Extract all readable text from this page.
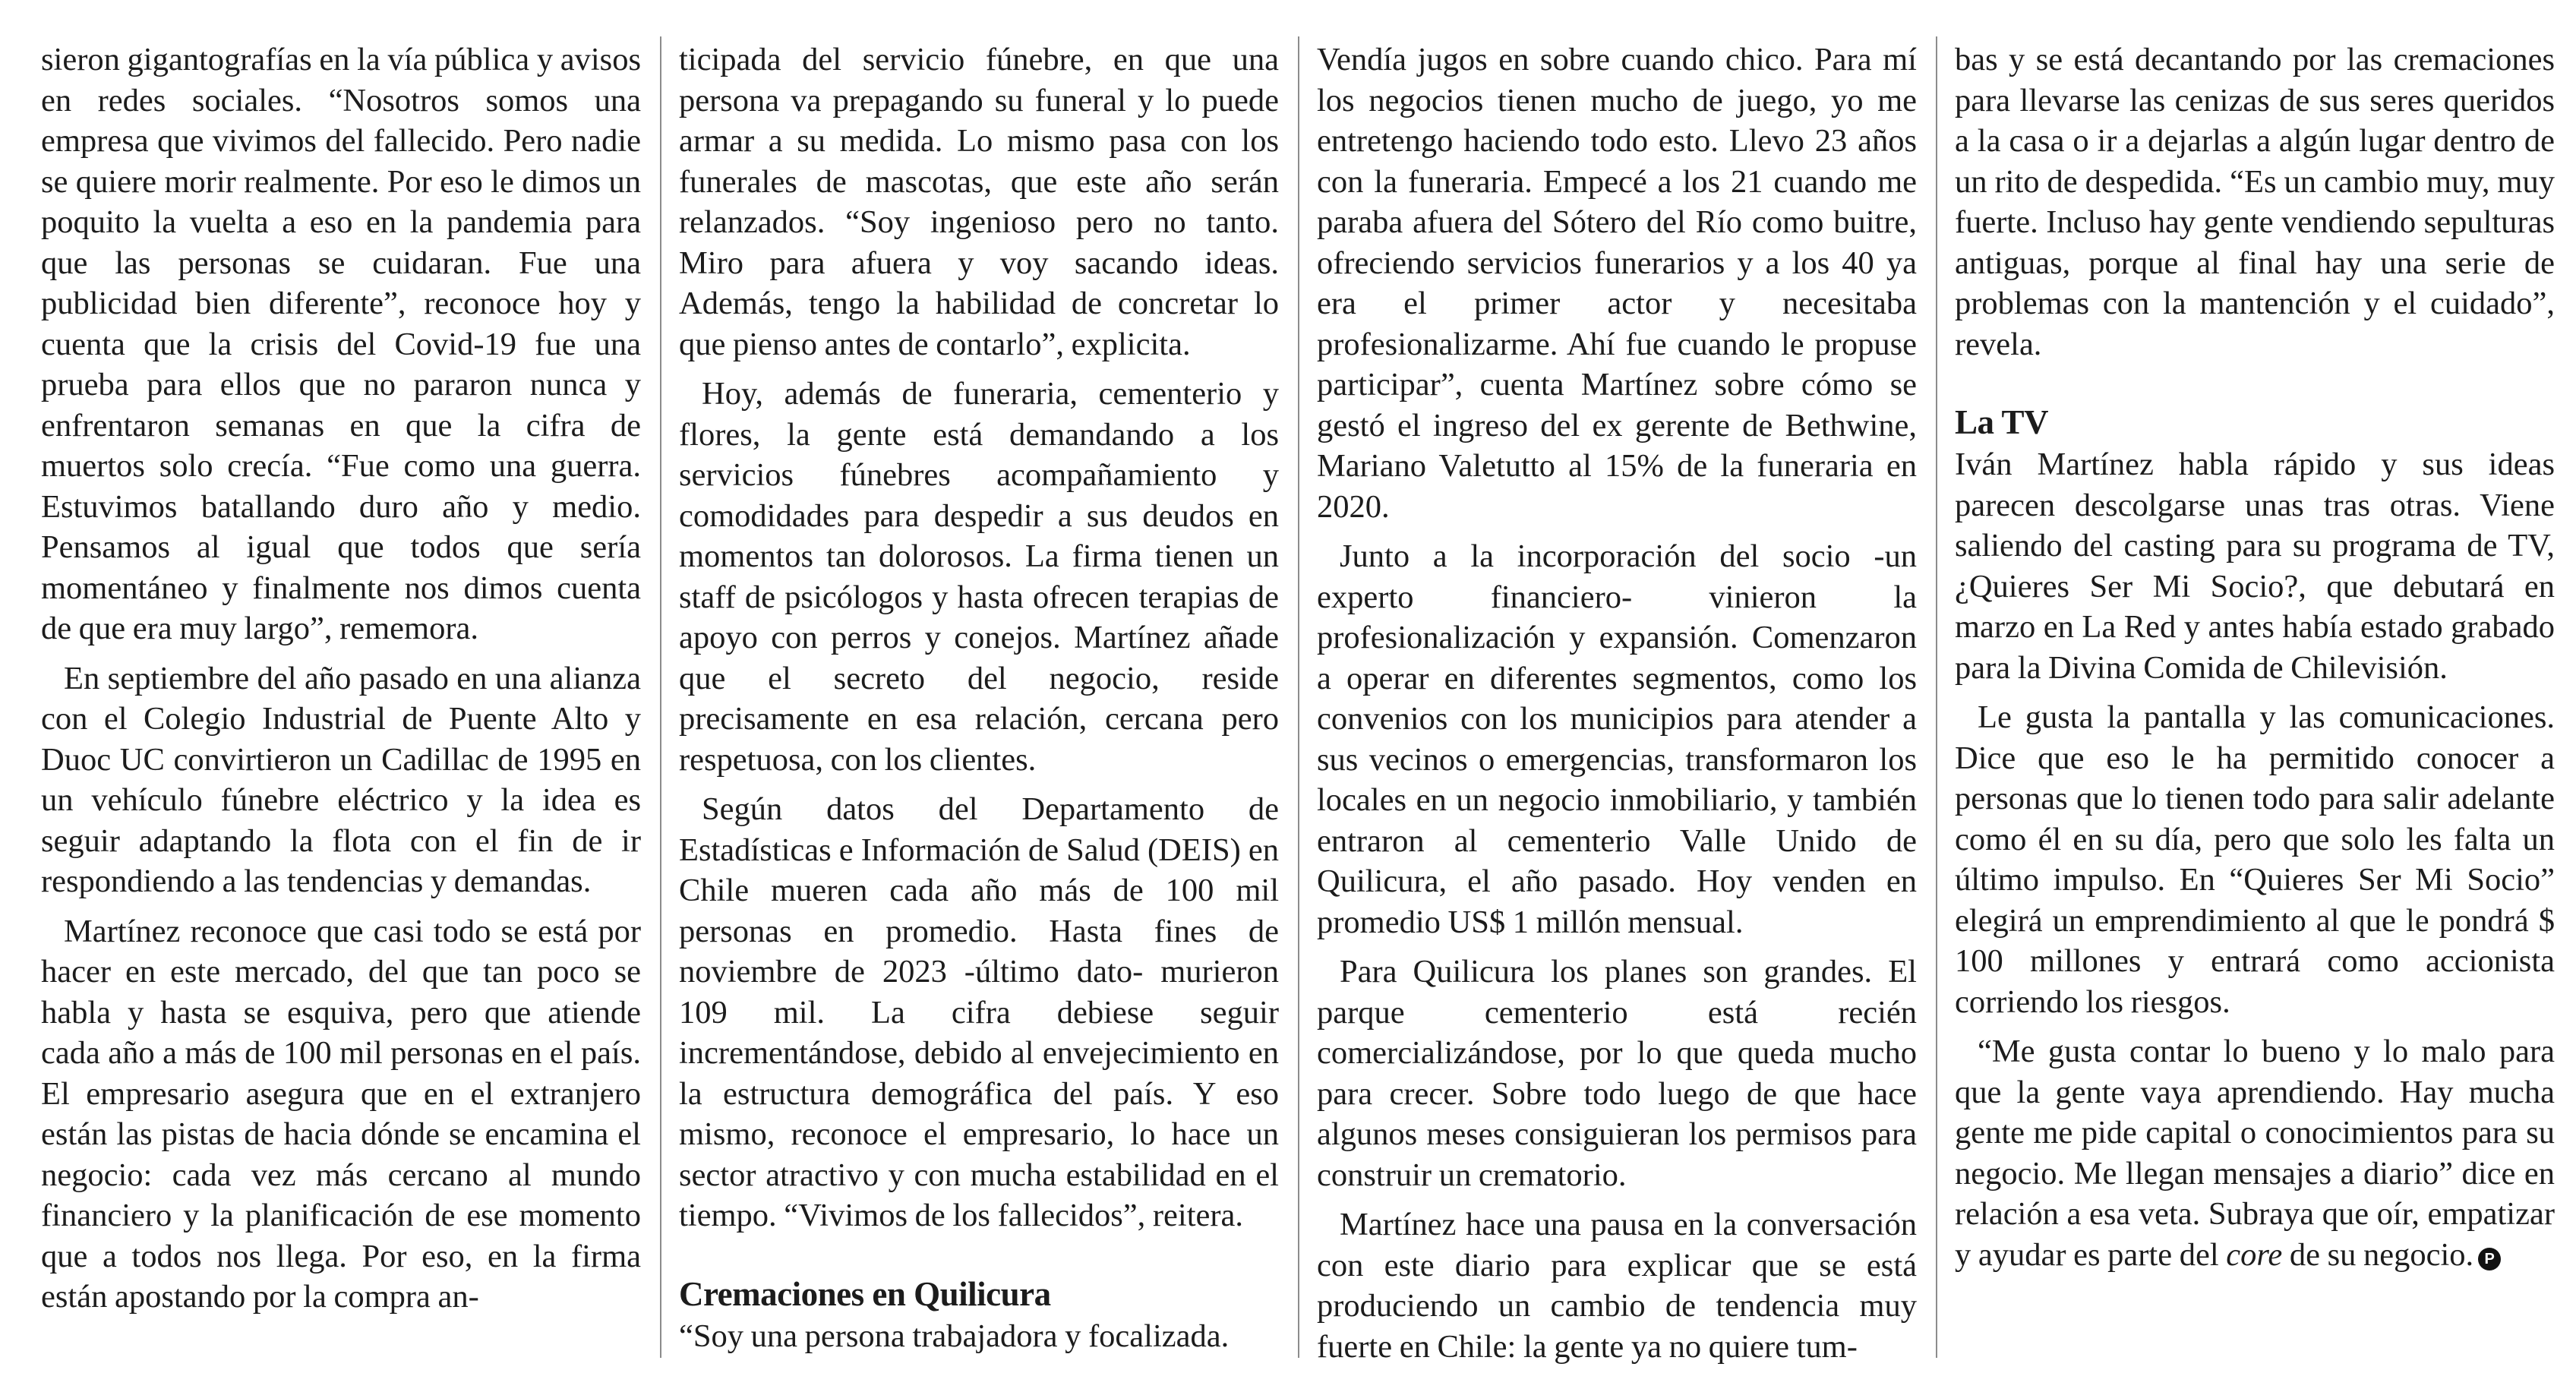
sieron gigantografías en la vía pública y avisos en redes sociales. “Nosotros somos una empresa que vivimos del fallecido. Pero nadie se quiere morir realmente. Por eso le dimos un poquito la vuelta a eso en la pandemia para que las personas se cuidaran. Fue una publicidad bien diferente”, reconoce hoy y cuenta que la crisis del Covid-19 fue una prueba para ellos que no pararon nunca y enfrentaron semanas en que la cifra de muertos solo crecía. “Fue como una guerra. Estuvimos batallando duro año y medio. Pensamos al igual que todos que sería momentáneo y finalmente nos dimos cuenta de que era muy largo”, rememora.

En septiembre del año pasado en una alianza con el Colegio Industrial de Puente Alto y Duoc UC convirtieron un Cadillac de 1995 en un vehículo fúnebre eléctrico y la idea es seguir adaptando la flota con el fin de ir respondiendo a las tendencias y demandas.

Martínez reconoce que casi todo se está por hacer en este mercado, del que tan poco se habla y hasta se esquiva, pero que atiende cada año a más de 100 mil personas en el país. El empresario asegura que en el extranjero están las pistas de hacia dónde se encamina el negocio: cada vez más cercano al mundo financiero y la planificación de ese momento que a todos nos llega. Por eso, en la firma están apostando por la compra an-

ticipada del servicio fúnebre, en que una persona va prepagando su funeral y lo puede armar a su medida. Lo mismo pasa con los funerales de mascotas, que este año serán relanzados. “Soy ingenioso pero no tanto. Miro para afuera y voy sacando ideas. Además, tengo la habilidad de concretar lo que pienso antes de contarlo”, explicita.

Hoy, además de funeraria, cementerio y flores, la gente está demandando a los servicios fúnebres acompañamiento y comodidades para despedir a sus deudos en momentos tan dolorosos. La firma tienen un staff de psicólogos y hasta ofrecen terapias de apoyo con perros y conejos. Martínez añade que el secreto del negocio, reside precisamente en esa relación, cercana pero respetuosa, con los clientes.

Según datos del Departamento de Estadísticas e Información de Salud (DEIS) en Chile mueren cada año más de 100 mil personas en promedio. Hasta fines de noviembre de 2023 -último dato- murieron 109 mil. La cifra debiese seguir incrementándose, debido al envejecimiento en la estructura demográfica del país. Y eso mismo, reconoce el empresario, lo hace un sector atractivo y con mucha estabilidad en el tiempo. “Vivimos de los fallecidos”, reitera.

Cremaciones en Quilicura

“Soy una persona trabajadora y focalizada.

Vendía jugos en sobre cuando chico. Para mí los negocios tienen mucho de juego, yo me entretengo haciendo todo esto. Llevo 23 años con la funeraria. Empecé a los 21 cuando me paraba afuera del Sótero del Río como buitre, ofreciendo servicios funerarios y a los 40 ya era el primer actor y necesitaba profesionalizarme. Ahí fue cuando le propuse participar”, cuenta Martínez sobre cómo se gestó el ingreso del ex gerente de Bethwine, Mariano Valetutto al 15% de la funeraria en 2020.

Junto a la incorporación del socio -un experto financiero- vinieron la profesionalización y expansión. Comenzaron a operar en diferentes segmentos, como los convenios con los municipios para atender a sus vecinos o emergencias, transformaron los locales en un negocio inmobiliario, y también entraron al cementerio Valle Unido de Quilicura, el año pasado. Hoy venden en promedio US$ 1 millón mensual.

Para Quilicura los planes son grandes. El parque cementerio está recién comercializándose, por lo que queda mucho para crecer. Sobre todo luego de que hace algunos meses consiguieran los permisos para construir un crematorio.

Martínez hace una pausa en la conversación con este diario para explicar que se está produciendo un cambio de tendencia muy fuerte en Chile: la gente ya no quiere tum-

bas y se está decantando por las cremaciones para llevarse las cenizas de sus seres queridos a la casa o ir a dejarlas a algún lugar dentro de un rito de despedida. “Es un cambio muy, muy fuerte. Incluso hay gente vendiendo sepulturas antiguas, porque al final hay una serie de problemas con la mantención y el cuidado”, revela.

La TV

Iván Martínez habla rápido y sus ideas parecen descolgarse unas tras otras. Viene saliendo del casting para su programa de TV, ¿Quieres Ser Mi Socio?, que debutará en marzo en La Red y antes había estado grabado para la Divina Comida de Chilevisión.

Le gusta la pantalla y las comunicaciones. Dice que eso le ha permitido conocer a personas que lo tienen todo para salir adelante como él en su día, pero que solo les falta un último impulso. En “Quieres Ser Mi Socio” elegirá un emprendimiento al que le pondrá $ 100 millones y entrará como accionista corriendo los riesgos.

“Me gusta contar lo bueno y lo malo para que la gente vaya aprendiendo. Hay mucha gente me pide capital o conocimientos para su negocio. Me llegan mensajes a diario” dice en relación a esa veta. Subraya que oír, empatizar y ayudar es parte del core de su negocio. P
